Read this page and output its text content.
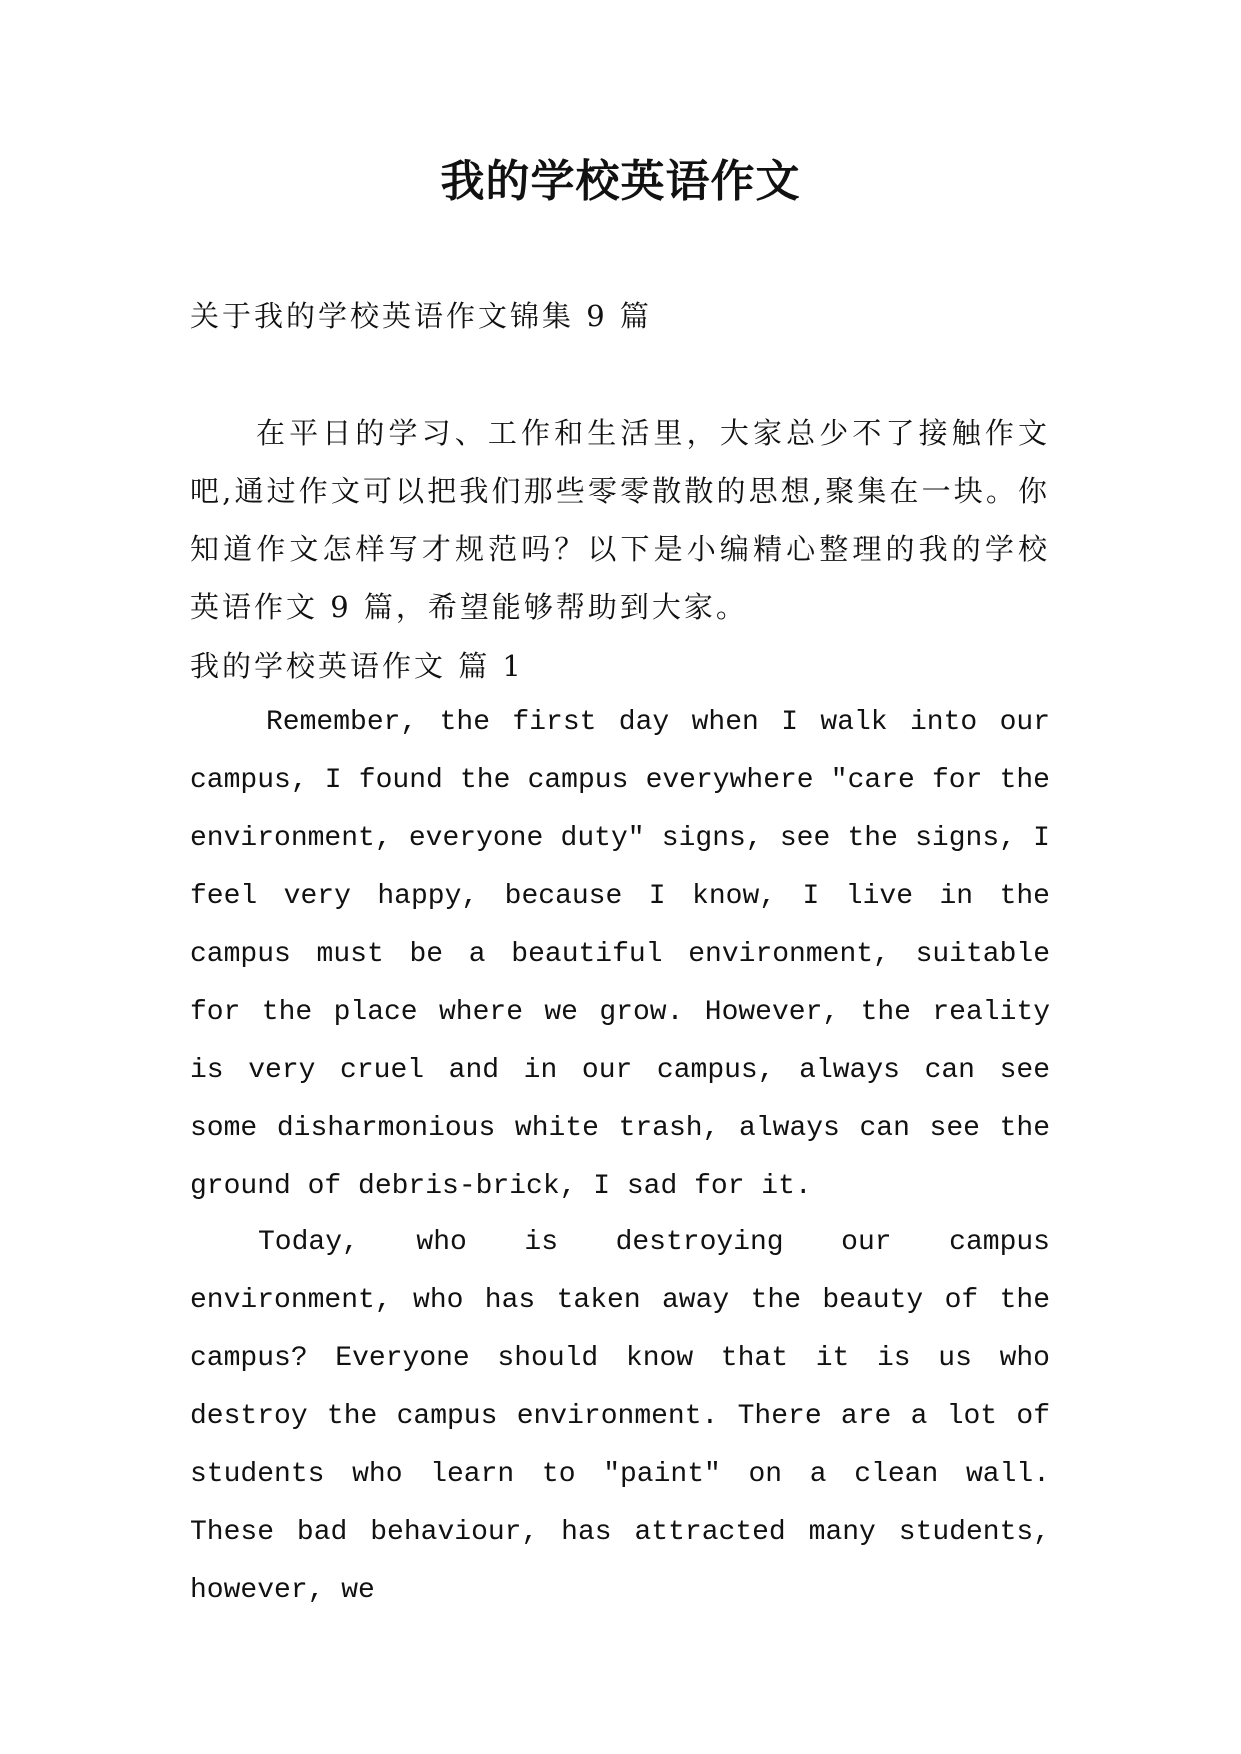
我的学校英语作文

关于我的学校英语作文锦集 9 篇

在平日的学习、工作和生活里，大家总少不了接触作文吧,通过作文可以把我们那些零零散散的思想,聚集在一块。你知道作文怎样写才规范吗？以下是小编精心整理的我的学校英语作文 9 篇，希望能够帮助到大家。

我的学校英语作文 篇 1

Remember, the first day when I walk into our campus, I found the campus everywhere "care for the environment, everyone duty" signs, see the signs, I feel very happy, because I know, I live in the campus must be a beautiful environment, suitable for the place where we grow. However, the reality is very cruel and in our campus, always can see some disharmonious white trash, always can see the ground of debris-brick, I sad for it.

Today, who is destroying our campus environment, who has taken away the beauty of the campus? Everyone should know that it is us who destroy the campus environment. There are a lot of students who learn to "paint" on a clean wall. These bad behaviour, has attracted many students, however, we
